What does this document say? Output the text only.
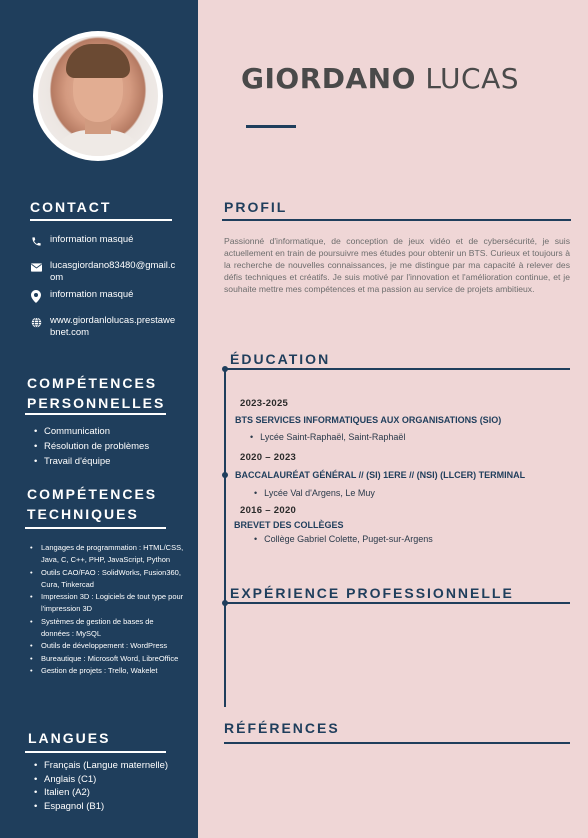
CONTACT
information masqué
lucasgiordano83480@gmail.com
information masqué
www.giordanlolucas.prestawebnet.com
COMPÉTENCES
PERSONNELLES
• Communication
• Résolution de problèmes
• Travail d'équipe
COMPÉTENCES
TECHNIQUES
• Langages de programmation : HTML/CSS, Java, C, C++, PHP, JavaScript, Python
• Outils CAO/FAO : SolidWorks, Fusion360, Cura, Tinkercad
• Impression 3D : Logiciels de tout type pour l'impression 3D
• Systèmes de gestion de bases de données : MySQL
• Outils de développement : WordPress
• Bureautique : Microsoft Word, LibreOffice
• Gestion de projets : Trello, Wakelet
LANGUES
• Français (Langue maternelle)
• Anglais (C1)
• Italien (A2)
• Espagnol (B1)
GIORDANO LUCAS
PROFIL

Passionné d'informatique, de conception de jeux vidéo et de cybersécurité, je suis actuellement en train de poursuivre mes études pour obtenir un BTS. Curieux et toujours à la recherche de nouvelles connaissances, je me distingue par ma capacité à relever des défis techniques et créatifs. Je suis motivé par l'innovation et l'amélioration continue, et je souhaite mettre mes compétences et ma passion au service de projets ambitieux.

ÉDUCATION
2023-2025
BTS SERVICES INFORMATIQUES AUX ORGANISATIONS (SIO)
• Lycée Saint-Raphaël, Saint-Raphaël
2020 – 2023
BACCALAURÉAT GÉNÉRAL // (SI) 1ERE // (NSI) (LLCER) TERMINAL
• Lycée Val d'Argens, Le Muy
2016 – 2020
BREVET DES COLLÈGES
• Collège Gabriel Colette, Puget-sur-Argens
EXPÉRIENCE PROFESSIONNELLE
RÉFÉRENCES
